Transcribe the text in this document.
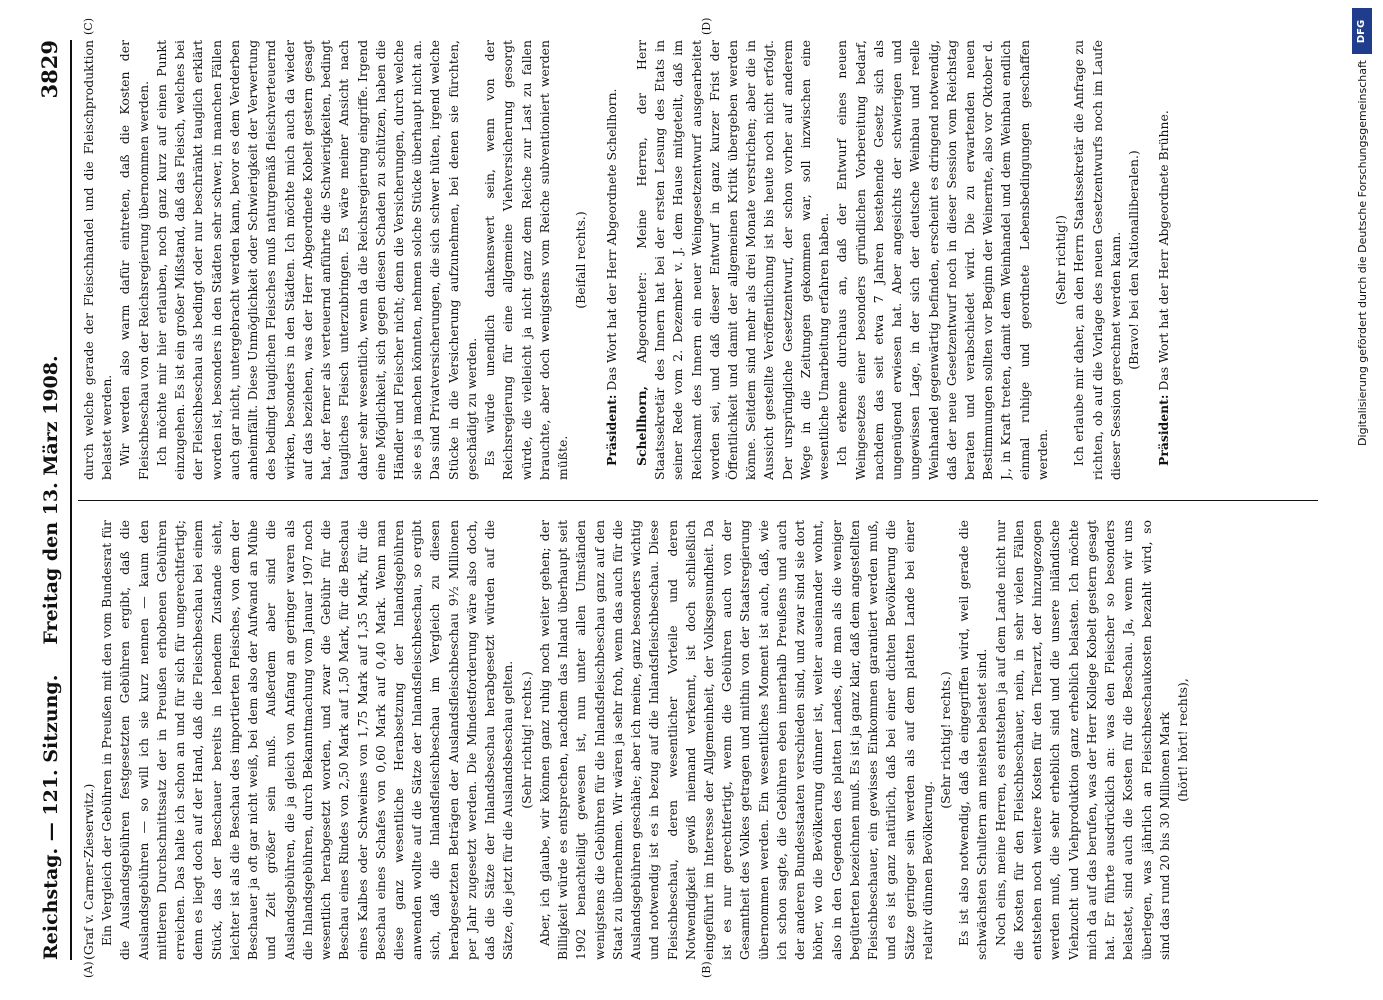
Reichstag. — 121. Sitzung.
Freitag den 13. März 1908.
3829
(A)	(B)
(C)	(D)

(Graf v. Carmer-Zieserwitz.) Ein Vergleich der Gebühren in Preußen mit den vom Bundesrat für die Auslandsgebühren festgesetzten Gebühren ergibt, daß die Auslandsgebühren — so will ich sie kurz nennen — kaum den mittleren Durchschnittssatz der in Preußen erhobenen Gebühren erreichen. Das halte ich schon an und für sich für ungerechtfertigt; denn es liegt doch auf der Hand, daß die Fleischbeschau bei einem Stück, das der Beschauer bereits in lebendem Zustande sieht, leichter ist als die Beschau des importierten Fleisches, von dem der Beschauer ja oft gar nicht weiß, bei dem also der Aufwand an Mühe und Zeit größer sein muß. Außerdem aber sind die Auslandsgebühren, die ja gleich von Anfang an geringer waren als die Inlandsgebühren, durch Bekanntmachung vom Januar 1907 noch wesentlich herabgesetzt worden, und zwar die Gebühr für die Beschau eines Rindes von 2,50 Mark auf 1,50 Mark, für die Beschau eines Kalbes oder Schweines von 1,75 Mark auf 1,35 Mark, für die Beschau eines Schafes von 0,60 Mark auf 0,40 Mark. Wenn man diese ganz wesentliche Herabsetzung der Inlandsgebühren anwenden wollte auf die Sätze der Inlandsfleischbeschau, so ergibt sich, daß die Inlandsfleischbeschau im Vergleich zu diesen herabgesetzten Beträgen der Auslandsfleischbeschau 9½ Millionen per Jahr zugesetzt werden. Die Mindestforderung wäre also doch, daß die Sätze der Inlandsbeschau herabgesetzt würden auf die Sätze, die jetzt für die Auslandsbeschau gelten. (Sehr richtig! rechts.) Aber, ich glaube, wir können ganz ruhig noch weiter gehen; der Billigkeit würde es entsprechen, nachdem das Inland überhaupt seit 1902 benachteiligt gewesen ist, nun unter allen Umständen wenigstens die Gebühren für die Inlandsfleischbeschau ganz auf den Staat zu übernehmen. Wir wären ja sehr froh, wenn das auch für die Auslandsgebühren geschähe; aber ich meine, ganz besonders wichtig und notwendig ist es in bezug auf die Inlandsfleischbeschau. Diese Fleischbeschau, deren wesentlicher Vorteile und deren Notwendigkeit gewiß niemand verkennt, ist doch schließlich eingeführt im Interesse der Allgemeinheit, der Volksgesundheit. Da ist es nur gerechtfertigt, wenn die Gebühren auch von der Gesamtheit des Volkes getragen und mithin von der Staatsregierung übernommen werden. Ein wesentliches Moment ist auch, daß, wie ich schon sagte, die Gebühren eben innerhalb Preußens und auch der anderen Bundesstaaten verschieden sind, und zwar sind sie dort höher, wo die Bevölkerung dünner ist, weiter auseinander wohnt, also in den Gegenden des platten Landes, die man als die weniger begüterten bezeichnen muß. Es ist ja ganz klar, daß dem angestellten Fleischbeschauer, ein gewisses Einkommen garantiert werden muß, und es ist ganz natürlich, daß bei einer dichten Bevölkerung die Sätze geringer sein werden als auf dem platten Lande bei einer relativ dünnen Bevölkerung.

(Sehr richtig! rechts.) Es ist also notwendig, daß da eingegriffen wird, weil gerade die schwächsten Schultern am meisten belastet sind. Noch eins, meine Herren, es entstehen ja auf dem Lande nicht nur die Kosten für den Fleischbeschauer, nein, in sehr vielen Fällen entstehen noch weitere Kosten für den Tierarzt, der hinzugezogen werden muß, die sehr erheblich sind und die unsere inländische Viehzucht und Viehproduktion ganz erheblich belasten. Ich möchte mich da auf das berufen, was der Herr Kollege Kobelt gestern gesagt hat. Er führte ausdrücklich an: was den Fleischer so besonders belastet, sind auch die Kosten für die Beschau. Ja, wenn wir uns überlegen, was jährlich an Fleischbeschaukosten bezahlt wird, so sind das rund 20 bis 30 Millionen Mark (hört! hört! rechts),

durch welche gerade der Fleischhandel und die Fleischproduktion belastet werden. Wir werden also warm dafür eintreten, daß die Kosten der Fleischbeschau von der Reichsregierung übernommen werden. Ich möchte mir hier erlauben, noch ganz kurz auf einen Punkt einzugehen. Es ist ein großer Mißstand, daß das Fleisch, welches bei der Fleischbeschau als bedingt oder nur beschränkt tauglich erklärt worden ist, besonders in den Städten sehr schwer, in manchen Fällen auch gar nicht, untergebracht werden kann, bevor es dem Verderben anheimfällt. Diese Unmöglichkeit oder Schwierigkeit der Verwertung des bedingt tauglichen Fleisches muß naturgemäß fleischverteuernd wirken, besonders in den Städten. Ich möchte mich auch da wieder auf das beziehen, was der Herr Abgeordnete Kobelt gestern gesagt hat, der ferner als verteuernd anführte die Schwierigkeiten, bedingt taugliches Fleisch unterzubringen. Es wäre meiner Ansicht nach daher sehr wesentlich, wenn da die Reichsregierung eingriffe. Irgend eine Möglichkeit, sich gegen diesen Schaden zu schützen, haben die Händler und Fleischer nicht; denn die Versicherungen, durch welche sie es ja machen könnten, nehmen solche Stücke überhaupt nicht an. Das sind Privatversicherungen, die sich schwer hüten, irgend welche Stücke in die Versicherung aufzunehmen, bei denen sie fürchten, geschädigt zu werden. Es würde unendlich dankenswert sein, wenn von der Reichsregierung für eine allgemeine Viehversicherung gesorgt würde, die vielleicht ja nicht ganz dem Reiche zur Last zu fallen brauchte, aber doch wenigstens vom Reiche subventioniert werden müßte.

(Beifall rechts.)

Präsident: Das Wort hat der Herr Abgeordnete Schellhorn.

Schellhorn, Abgeordneter: Meine Herren, der Herr Staatssekretär des Innern hat bei der ersten Lesung des Etats in seiner Rede vom 2. Dezember v. J. dem Hause mitgeteilt, daß im Reichsamt des Innern ein neuer Weingesetzentwurf ausgearbeitet worden sei, und daß dieser Entwurf in ganz kurzer Frist der Öffentlichkeit und damit der allgemeinen Kritik übergeben werden könne. Seitdem sind mehr als drei Monate verstrichen; aber die in Aussicht gestellte Veröffentlichung ist bis heute noch nicht erfolgt. Der ursprüngliche Gesetzentwurf, der schon vorher auf anderem Wege in die Zeitungen gekommen war, soll inzwischen eine wesentliche Umarbeitung erfahren haben. Ich erkenne durchaus an, daß der Entwurf eines neuen Weingesetzes einer besonders gründlichen Vorbereitung bedarf, nachdem das seit etwa 7 Jahren bestehende Gesetz sich als ungenügend erwiesen hat. Aber angesichts der schwierigen und ungewissen Lage, in der sich der deutsche Weinbau und reelle Weinhandel gegenwärtig befinden, erscheint es dringend notwendig, daß der neue Gesetzentwurf noch in dieser Session vom Reichstag beraten und verabschiedet wird. Die zu erwartenden neuen Bestimmungen sollten vor Beginn der Weinernte, also vor Oktober d. J., in Kraft treten, damit dem Weinhandel und dem Weinbau endlich einmal ruhige und geordnete Lebensbedingungen geschaffen werden.

(Sehr richtig!) Ich erlaube mir daher, an den Herrn Staatssekretär die Anfrage zu richten, ob auf die Vorlage des neuen Gesetzentwurfs noch im Laufe dieser Session gerechnet werden kann. (Bravo! bei den Nationalliberalen.)

Präsident: Das Wort hat der Herr Abgeordnete Brühne.

DFG
Digitalisierung gefördert durch die Deutsche Forschungsgemeinschaft
